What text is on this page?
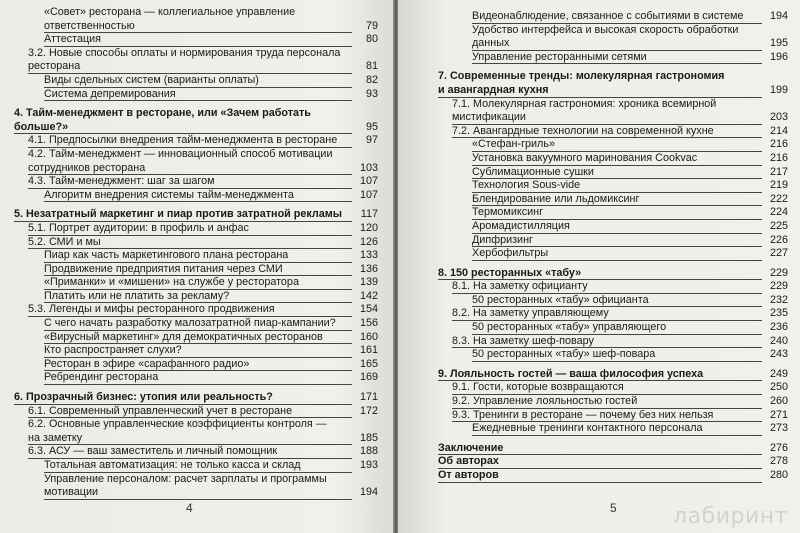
«Совет» ресторана — коллегиальное управление
ответственностью	79
Аттестация	80
3.2. Новые способы оплаты и нормирования труда персонала
ресторана	81
Виды сдельных систем (варианты оплаты)	82
Система депремирования	93
4. Тайм-менеджмент в ресторане, или «Зачем работать больше?»	95
4.1. Предпосылки внедрения тайм-менеджмента в ресторане	97
4.2. Тайм-менеджмент — инновационный способ мотивации
сотрудников ресторана	103
4.3. Тайм-менеджмент: шаг за шагом	107
Алгоритм внедрения системы тайм-менеджмента	107
5. Незатратный маркетинг и пиар против затратной рекламы	117
5.1. Портрет аудитории: в профиль и анфас	120
5.2. СМИ и мы	126
Пиар как часть маркетингового плана ресторана	133
Продвижение предприятия питания через СМИ	136
«Приманки» и «мишени» на службе у ресторатора	139
Платить или не платить за рекламу?	142
5.3. Легенды и мифы ресторанного продвижения	154
С чего начать разработку малозатратной пиар-кампании?	156
«Вирусный маркетинг» для демократичных ресторанов	160
Кто распространяет слухи?	161
Ресторан в эфире «сарафанного радио»	165
Ребрендинг ресторана	169
6. Прозрачный бизнес: утопия или реальность?	171
6.1. Современный управленческий учет в ресторане	172
6.2. Основные управленческие коэффициенты контроля —
на заметку	185
6.3. АСУ — ваш заместитель и личный помощник	188
Тотальная автоматизация: не только касса и склад	193
Управление персоналом: расчет зарплаты и программы
мотивации	194
4
Видеонаблюдение, связанное с событиями в системе	194
Удобство интерфейса и высокая скорость обработки данных	195
Управление ресторанными сетями	196
7. Современные тренды: молекулярная гастрономия
и авангардная кухня	199
7.1. Молекулярная гастрономия: хроника всемирной
мистификации	203
7.2. Авангардные технологии на современной кухне	214
«Стефан-гриль»	216
Установка вакуумного маринования Cookvac	216
Сублимационные сушки	217
Технология Sous-vide	219
Блендирование или льдомиксинг	222
Термомиксинг	224
Аромадистилляция	225
Дипфризинг	226
Хербофильтры	227
8. 150 ресторанных «табу»	229
8.1. На заметку официанту	229
50 ресторанных «табу» официанта	232
8.2. На заметку управляющему	235
50 ресторанных «табу» управляющего	236
8.3. На заметку шеф-повару	240
50 ресторанных «табу» шеф-повара	243
9. Лояльность гостей — ваша философия успеха	249
9.1. Гости, которые возвращаются	250
9.2. Управление лояльностью гостей	260
9.3. Тренинги в ресторане — почему без них нельзя	271
Ежедневные тренинги контактного персонала	273
Заключение	276
Об авторах	278
От авторов	280
5	лабиринт
